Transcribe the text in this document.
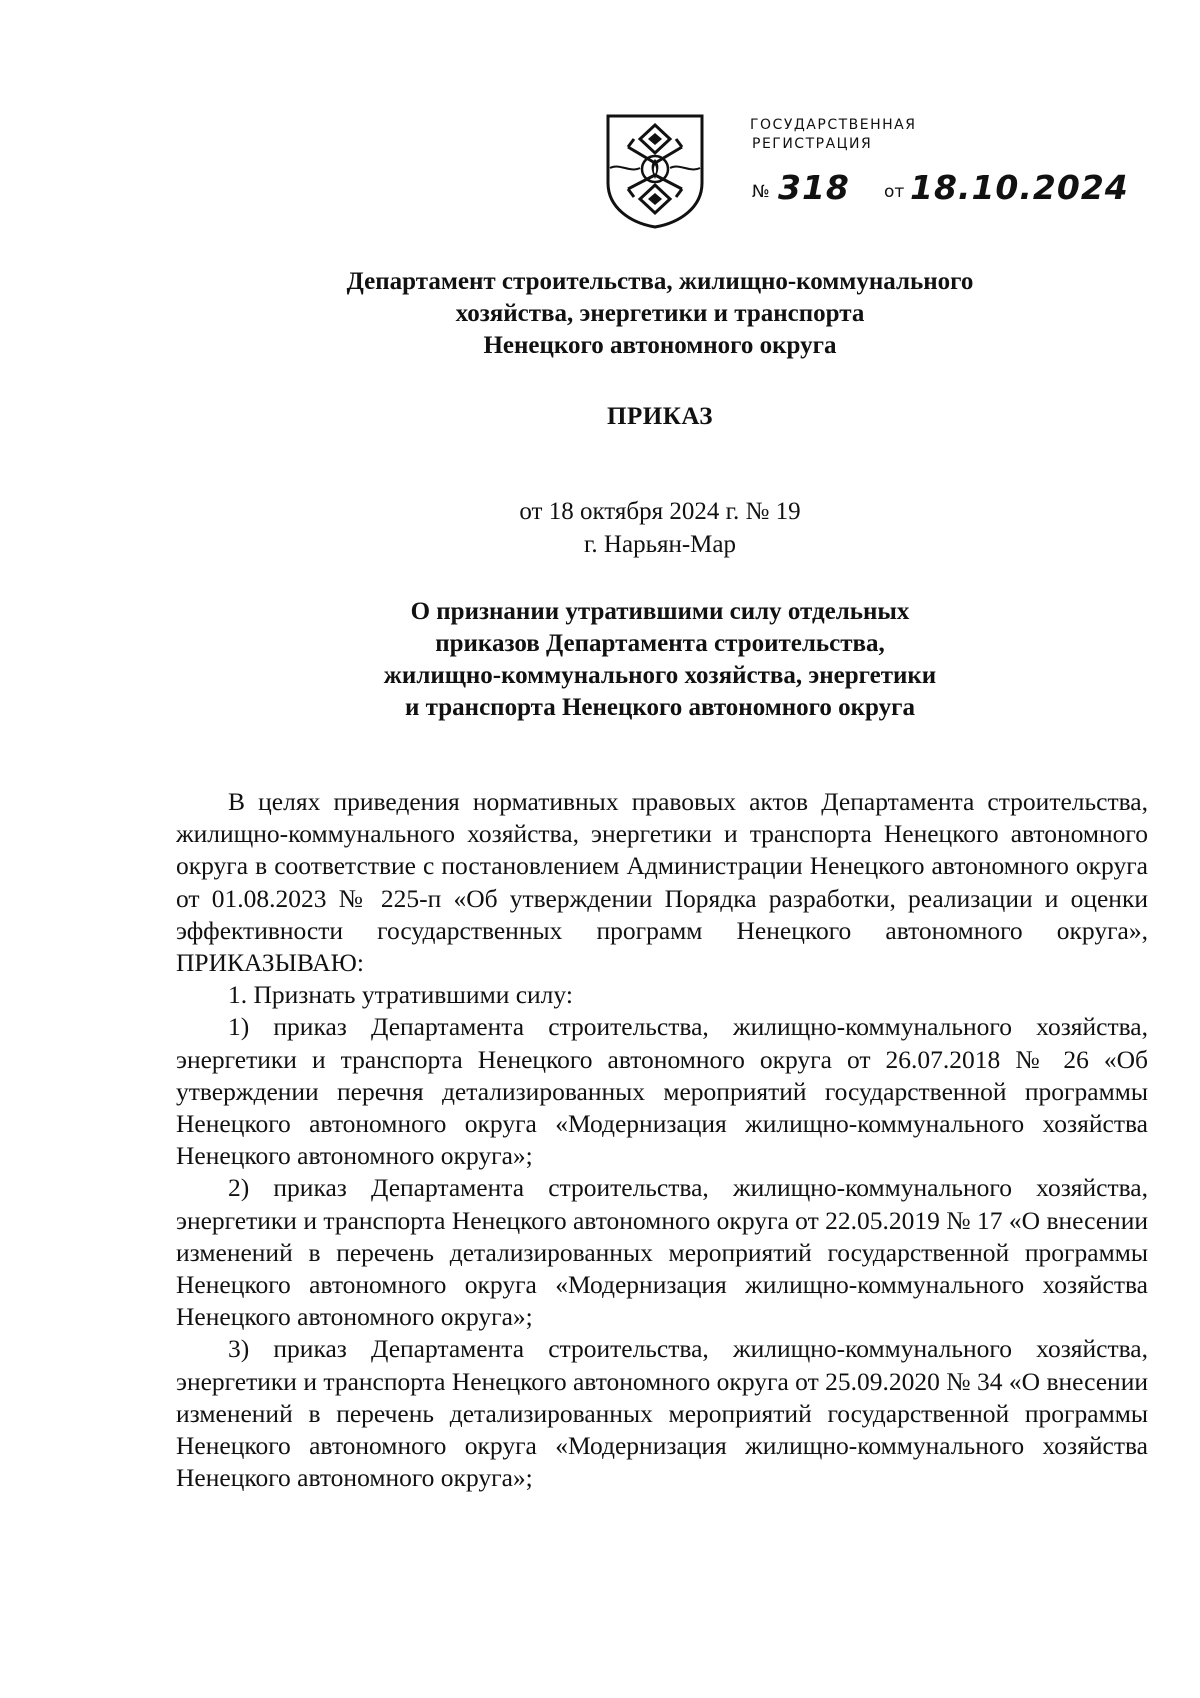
ГОСУДАРСТВЕННАЯ
РЕГИСТРАЦИЯ
№ 318 от 18.10.2024
Департамент строительства, жилищно-коммунального
хозяйства, энергетики и транспорта
Ненецкого автономного округа
ПРИКАЗ
от 18 октября 2024 г. № 19
г. Нарьян-Мар
О признании утратившими силу отдельных
приказов Департамента строительства,
жилищно-коммунального хозяйства, энергетики
и транспорта Ненецкого автономного округа

В целях приведения нормативных правовых актов Департамента строительства, жилищно-коммунального хозяйства, энергетики и транспорта Ненецкого автономного округа в соответствие с постановлением Администрации Ненецкого автономного округа от 01.08.2023 № 225-п «Об утверждении Порядка разработки, реализации и оценки эффективности государственных программ Ненецкого автономного округа», ПРИКАЗЫВАЮ:

1. Признать утратившими силу:

1) приказ Департамента строительства, жилищно-коммунального хозяйства, энергетики и транспорта Ненецкого автономного округа от 26.07.2018 № 26 «Об утверждении перечня детализированных мероприятий государственной программы Ненецкого автономного округа «Модернизация жилищно-коммунального хозяйства Ненецкого автономного округа»;

2) приказ Департамента строительства, жилищно-коммунального хозяйства, энергетики и транспорта Ненецкого автономного округа от 22.05.2019 № 17 «О внесении изменений в перечень детализированных мероприятий государственной программы Ненецкого автономного округа «Модернизация жилищно-коммунального хозяйства Ненецкого автономного округа»;

3) приказ Департамента строительства, жилищно-коммунального хозяйства, энергетики и транспорта Ненецкого автономного округа от 25.09.2020 № 34 «О внесении изменений в перечень детализированных мероприятий государственной программы Ненецкого автономного округа «Модернизация жилищно-коммунального хозяйства Ненецкого автономного округа»;
